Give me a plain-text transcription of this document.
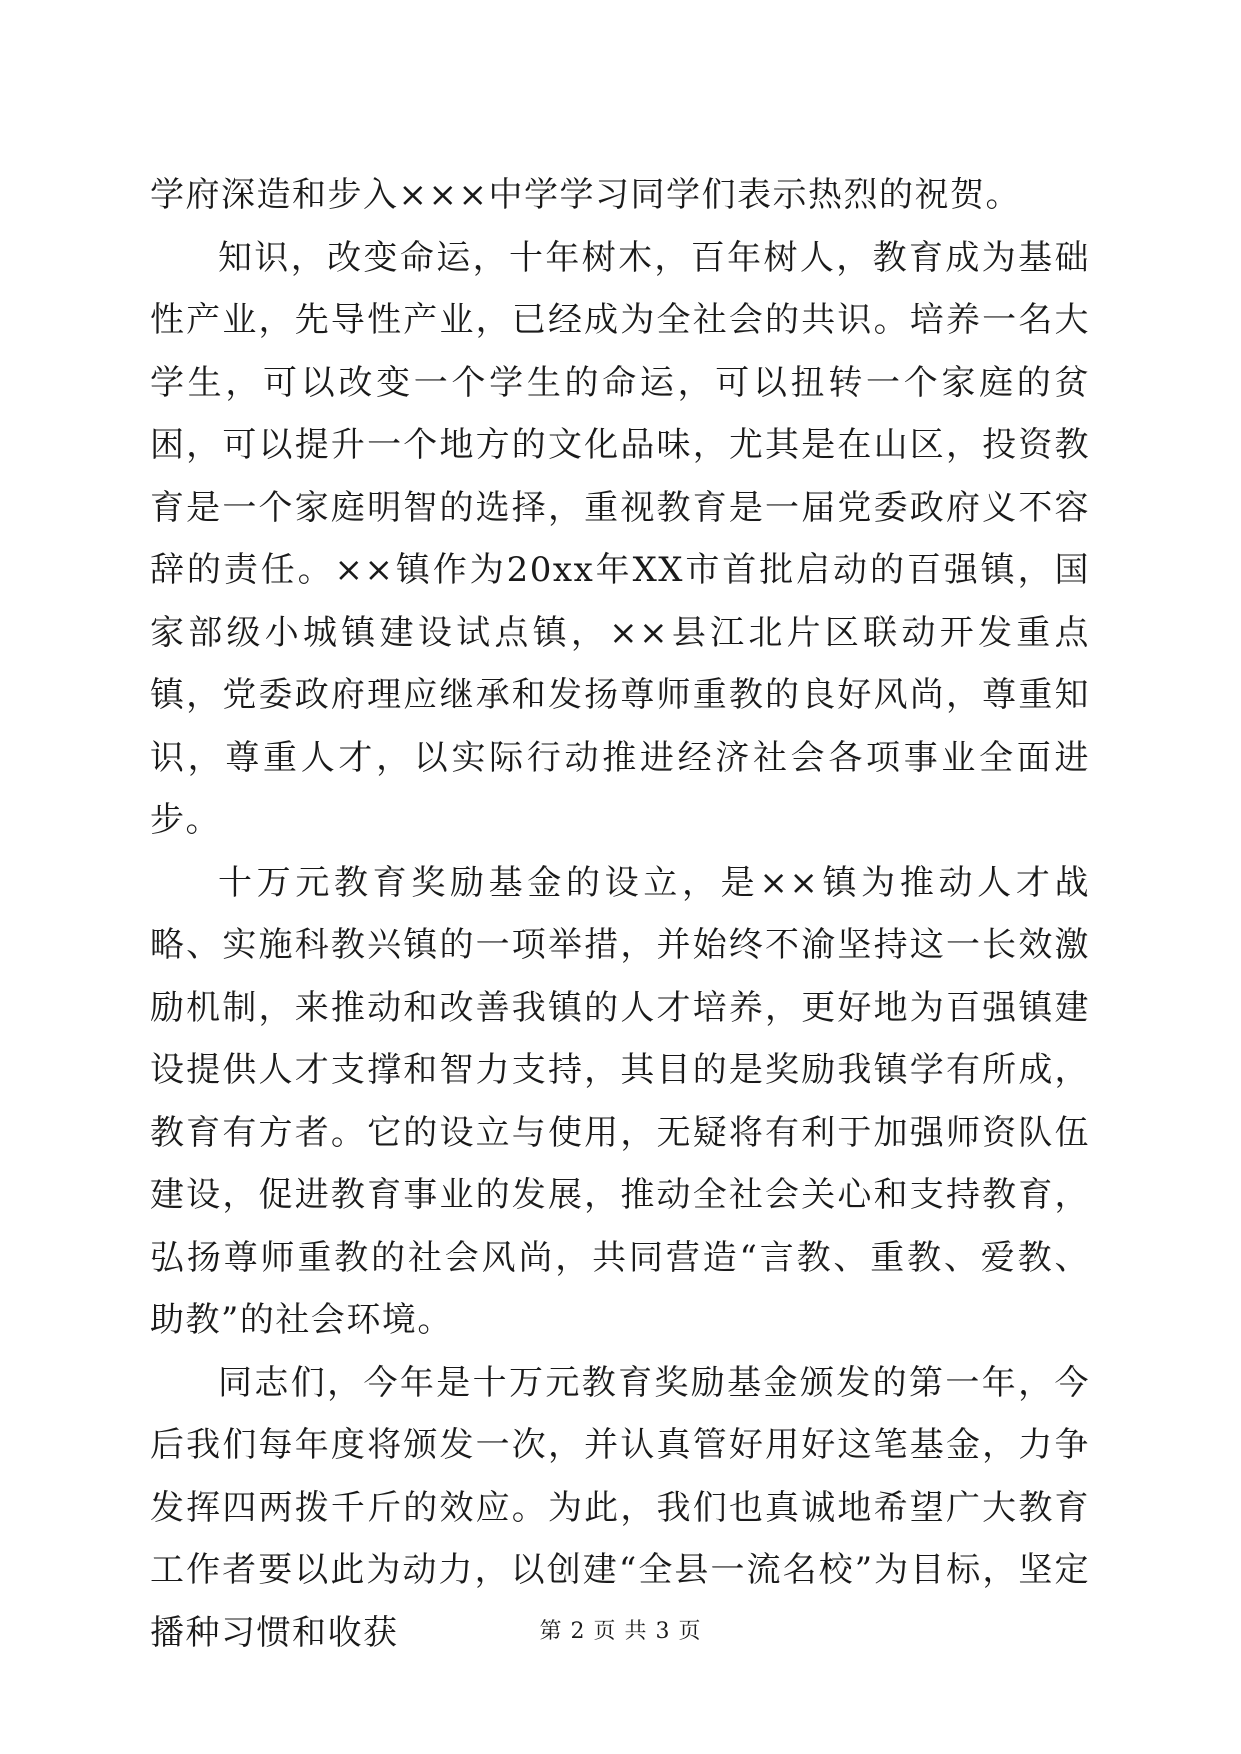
学府深造和步入×××中学学习同学们表示热烈的祝贺。

知识，改变命运，十年树木，百年树人，教育成为基础性产业，先导性产业，已经成为全社会的共识。培养一名大学生，可以改变一个学生的命运，可以扭转一个家庭的贫困，可以提升一个地方的文化品味，尤其是在山区，投资教育是一个家庭明智的选择，重视教育是一届党委政府义不容辞的责任。××镇作为20xx年XX市首批启动的百强镇，国家部级小城镇建设试点镇，××县江北片区联动开发重点镇，党委政府理应继承和发扬尊师重教的良好风尚，尊重知识，尊重人才，以实际行动推进经济社会各项事业全面进步。

十万元教育奖励基金的设立，是××镇为推动人才战略、实施科教兴镇的一项举措，并始终不渝坚持这一长效激励机制，来推动和改善我镇的人才培养，更好地为百强镇建设提供人才支撑和智力支持，其目的是奖励我镇学有所成，教育有方者。它的设立与使用，无疑将有利于加强师资队伍建设，促进教育事业的发展，推动全社会关心和支持教育，弘扬尊师重教的社会风尚，共同营造“言教、重教、爱教、助教”的社会环境。

同志们，今年是十万元教育奖励基金颁发的第一年，今后我们每年度将颁发一次，并认真管好用好这笔基金，力争发挥四两拨千斤的效应。为此，我们也真诚地希望广大教育工作者要以此为动力，以创建“全县一流名校”为目标，坚定播种习惯和收获	第 2 页 共 3 页
